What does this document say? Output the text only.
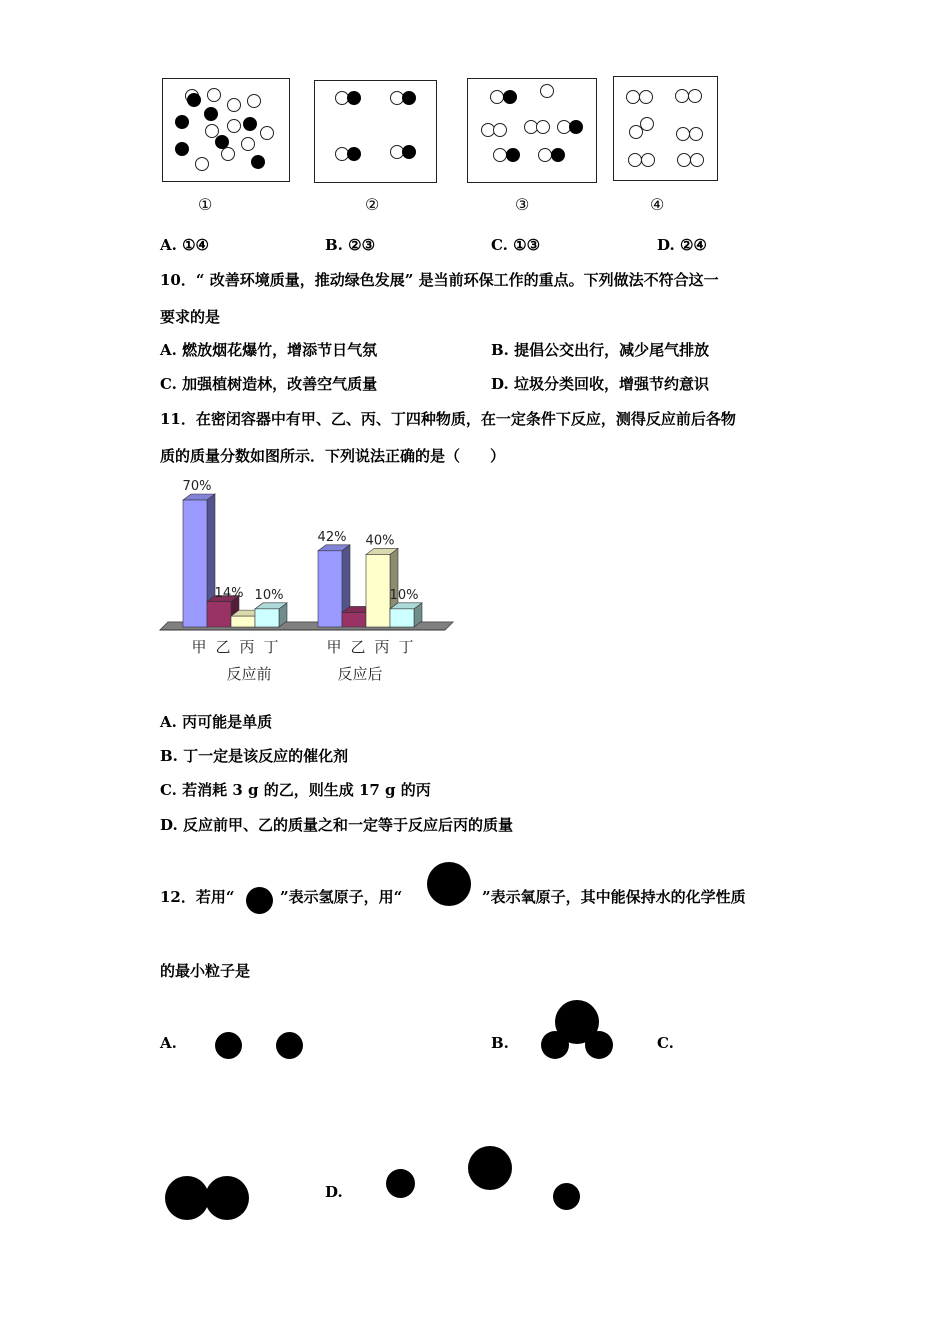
①	②	③	④
A. ①④	B. ②③	C. ①③	D. ②④
10．“ 改善环境质量，推动绿色发展” 是当前环保工作的重点。下列做法不符合这一
要求的是
A. 燃放烟花爆竹，增添节日气氛	B. 提倡公交出行，减少尾气排放
C. 加强植树造林，改善空气质量	D. 垃圾分类回收，增强节约意识
11．在密闭容器中有甲、乙、丙、丁四种物质，在一定条件下反应，测得反应前后各物
质的质量分数如图所示．下列说法正确的是（　　）
70%
甲 乙
14%
丙
10%
丁
反应前
42%
甲 乙
40%
丙
10%
丁
反应后
A. 丙可能是单质
B. 丁一定是该反应的催化剂
C. 若消耗 3 g 的乙，则生成 17 g 的丙
D. 反应前甲、乙的质量之和一定等于反应后丙的质量
12．若用“	”表示氢原子，用“	”表示氧原子，其中能保持水的化学性质
的最小粒子是
A.	B.	C.
D.
